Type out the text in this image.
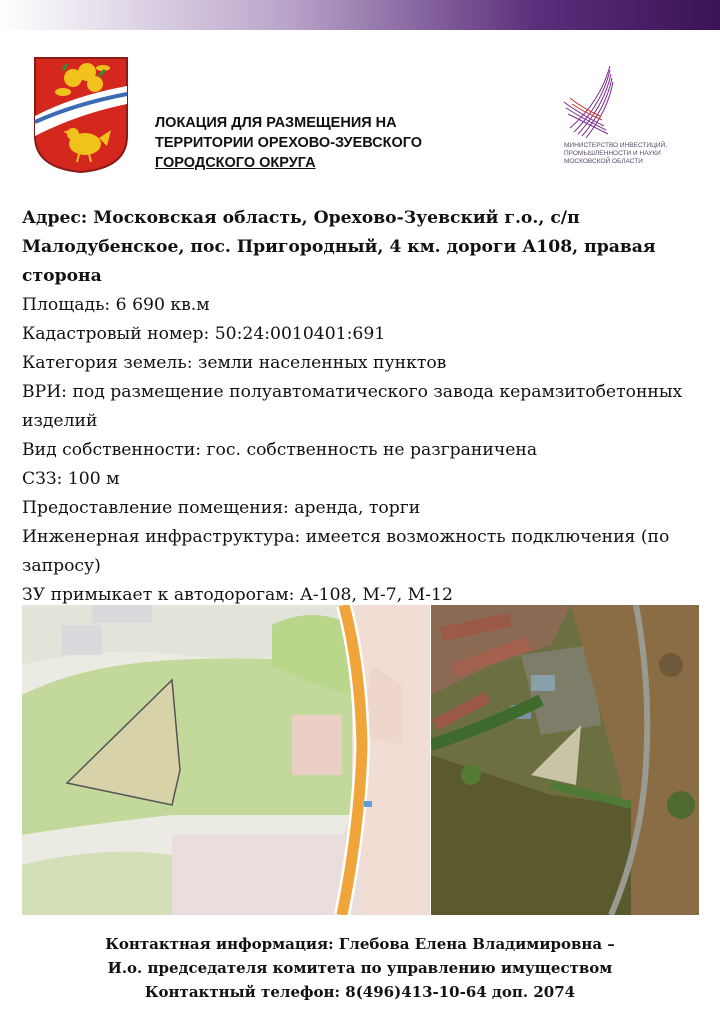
ЛОКАЦИЯ ДЛЯ РАЗМЕЩЕНИЯ НА
ТЕРРИТОРИИ ОРЕХОВО-ЗУЕВСКОГО
ГОРОДСКОГО ОКРУГА
МИНИСТЕРСТВО ИНВЕСТИЦИЙ,
ПРОМЫШЛЕННОСТИ И НАУКИ
МОСКОВСКОЙ ОБЛАСТИ

Адрес: Московская область, Орехово-Зуевский г.о., с/п Малодубенское, пос. Пригородный, 4 км. дороги А108, правая сторона

Площадь: 6 690 кв.м

Кадастровый номер: 50:24:0010401:691

Категория земель: земли населенных пунктов

ВРИ: под размещение полуавтоматического завода керамзитобетонных изделий

Вид собственности: гос. собственность не разграничена

СЗЗ: 100 м

Предоставление помещения: аренда, торги

Инженерная инфраструктура: имеется возможность подключения (по запросу)

ЗУ примыкает к автодорогам: А-108, М-7, М-12

Контактная информация: Глебова Елена Владимировна –

И.о. председателя комитета по управлению имуществом

Контактный телефон: 8(496)413-10-64 доп. 2074
